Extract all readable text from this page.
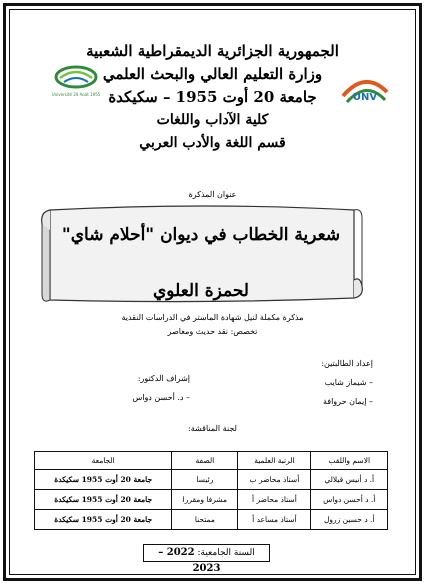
Université 20 Août 1955	UNV
الجمهورية الجزائرية الديمقراطية الشعبية
وزارة التعليم العالي والبحث العلمي
جامعة 20 أوت 1955 – سكيكدة
كلية الآداب واللغات
قسم اللغة والأدب العربي
عنوان المذكرة
شعرية الخطاب في ديوان "أحلام شاي"
لحمزة العلوي
مذكرة مكملة لنيل شهادة الماستر في الدراسات النقدية
تخصص: نقد حديث ومعاصر
إعداد الطالبتين:
– شيماز شايب
– إيمان حروافة
إشراف الدكتور:
– د. أحسن دواس
لجنة المناقشة:
الاسم واللقب	الرتبة العلمية	الصفة	الجامعة
أ. د أنيس قيلالي	أستاذ محاضر ب	رئيسا	جامعة 20 أوت 1955 سكيكدة
أ. د أحسن دواس	أستاذ محاضر أ	مشرفا ومقررا	جامعة 20 أوت 1955 سكيكدة
أ. د حسين زرول	أستاذ مساعد أ	ممتحنا	جامعة 20 أوت 1955 سكيكدة
السنة الجامعية: 2022 – 2023
